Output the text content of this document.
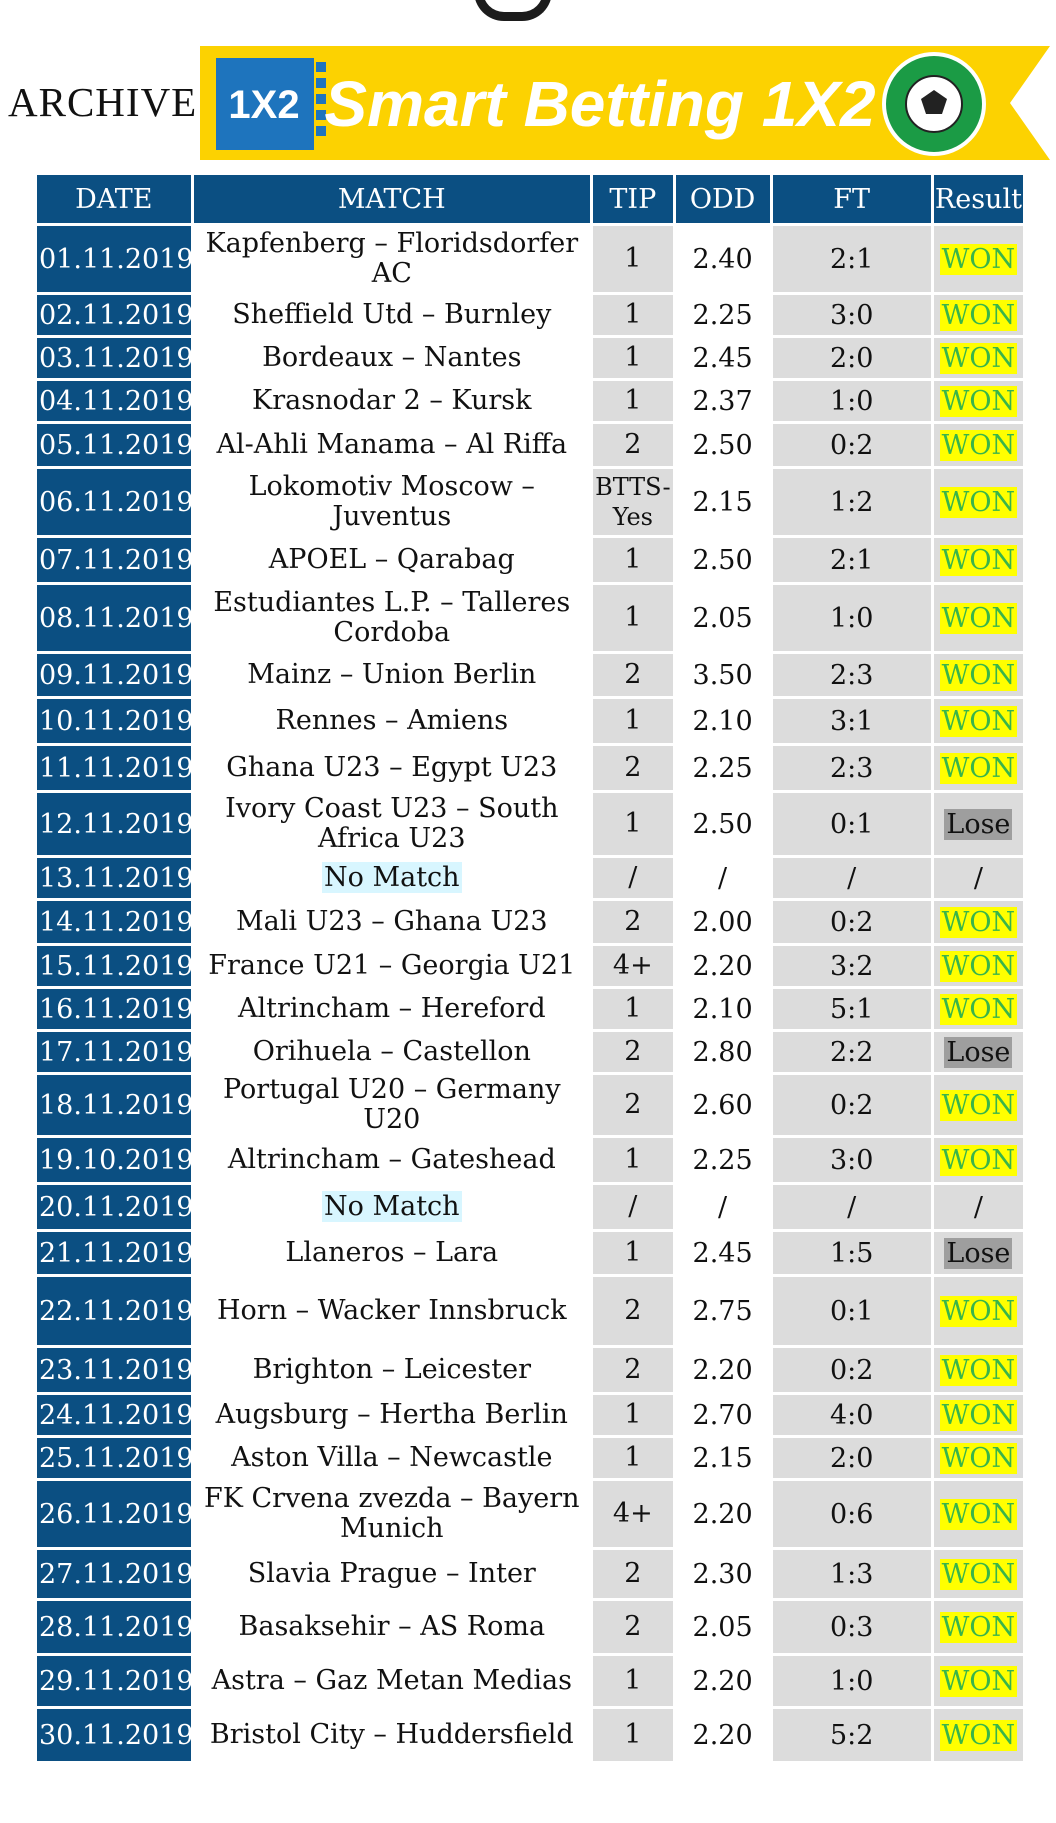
ARCHIVE 1X2 Smart Betting 1X2
DATE	MATCH	TIP	ODD	FT	Result
01.11.2019	Kapfenberg – Floridsdorfer AC	1	2.40	2:1	WON
02.11.2019	Sheffield Utd – Burnley	1	2.25	3:0	WON
03.11.2019	Bordeaux – Nantes	1	2.45	2:0	WON
04.11.2019	Krasnodar 2 – Kursk	1	2.37	1:0	WON
05.11.2019	Al-Ahli Manama – Al Riffa	2	2.50	0:2	WON
06.11.2019	Lokomotiv Moscow – Juventus	BTTS-Yes	2.15	1:2	WON
07.11.2019	APOEL – Qarabag	1	2.50	2:1	WON
08.11.2019	Estudiantes L.P. – Talleres Cordoba	1	2.05	1:0	WON
09.11.2019	Mainz – Union Berlin	2	3.50	2:3	WON
10.11.2019	Rennes – Amiens	1	2.10	3:1	WON
11.11.2019	Ghana U23 – Egypt U23	2	2.25	2:3	WON
12.11.2019	Ivory Coast U23 – South Africa U23	1	2.50	0:1	Lose
13.11.2019	No Match	/	/	/	/
14.11.2019	Mali U23 – Ghana U23	2	2.00	0:2	WON
15.11.2019	France U21 – Georgia U21	4+	2.20	3:2	WON
16.11.2019	Altrincham – Hereford	1	2.10	5:1	WON
17.11.2019	Orihuela – Castellon	2	2.80	2:2	Lose
18.11.2019	Portugal U20 – Germany U20	2	2.60	0:2	WON
19.10.2019	Altrincham – Gateshead	1	2.25	3:0	WON
20.11.2019	No Match	/	/	/	/
21.11.2019	Llaneros – Lara	1	2.45	1:5	Lose
22.11.2019	Horn – Wacker Innsbruck	2	2.75	0:1	WON
23.11.2019	Brighton – Leicester	2	2.20	0:2	WON
24.11.2019	Augsburg – Hertha Berlin	1	2.70	4:0	WON
25.11.2019	Aston Villa – Newcastle	1	2.15	2:0	WON
26.11.2019	FK Crvena zvezda – Bayern Munich	4+	2.20	0:6	WON
27.11.2019	Slavia Prague – Inter	2	2.30	1:3	WON
28.11.2019	Basaksehir – AS Roma	2	2.05	0:3	WON
29.11.2019	Astra – Gaz Metan Medias	1	2.20	1:0	WON
30.11.2019	Bristol City – Huddersfield	1	2.20	5:2	WON
